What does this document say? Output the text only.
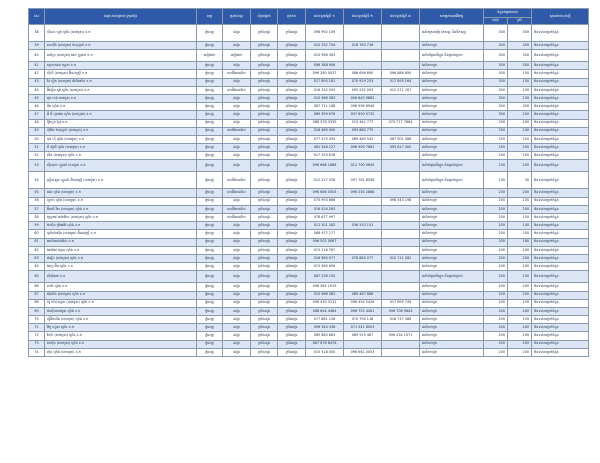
ល.រ	ឈ្មោះសហគ្រាស ក្រុមហ៊ុន	ខេត្ត	ស្រុក/ខណ្ឌ	ឃុំ/សង្កាត់	ប្រភេទ	លេខទូរស័ព្ទទី ១	លេខទូរស័ព្ទទី ២	លេខទូរស័ព្ទទី ៣	សកម្មភាពអាជីវកម្ម	ចំនួនកម្មករសរុប		ស្ថានភាពចុះបញ្ជី
										សរុប	ស្រី	
38	ហ៊ីណា ហ្វុត ឃ្លាំង (ខេមបូឌា) ខ.ក	ភ្នំពេញ	ដង្កោ	ក្រាំងពង្រ	ក្រាំងពង្រ	098 992 109			ផលិតស្រាបៀរ ភេសជ្ជៈ និងទឹកសុទ្ធ	300	300	មិនទាន់បញ្ជាក់ចំនួន
39	សានវីង (ខេមបូឌា) ម៉ានុហ្វាក់ ខ.ក	ភ្នំពេញ	ដង្កោ	ក្រាំងពង្រ	ក្រាំងពង្រ	010 292 704	016 763 716		ផលិតកាបូប	300	300	មិនទាន់បញ្ជាក់ចំនួន
40	ឆាហ្គែរ (ខេមបូឌា) ផេក ប្រូដាក់ ខ.ក	សៀមរាប	សៀមរាប	ក្រាំងពង្រ	ក្រាំងពង្រ	010 966 363			ផលិតផ្លែឈើស្ងួត និងគ្រាប់ស្វាយ	300	300	មិនទាន់បញ្ជាក់ចំនួន
41	ហ្គោលដេន ហ្វេស ខ.ក	ភ្នំពេញ	ដង្កោ	ក្រាំងពង្រ	ក្រាំងពង្រ	096 388 906			ផលិតកាបូប	300	300	មិនទាន់បញ្ជាក់ចំនួន
42	ហ៊ីលី (ខេមបូឌា) អ៊ីនដាស្ទ្រី ខ.ក	ភ្នំពេញ	ពោធិ៍សែនជ័យ	ក្រាំងពង្រ	ក្រាំងពង្រ	096 280 0037	086 696 890	096 886 890	ផលិតកាបូប	300	150	មិនទាន់បញ្ជាក់ចំនួន
43	វិន ហ្វីត (ខេមបូឌា) គ័រពិរេសិន ខ.ក	ភ្នំពេញ	ដង្កោ	ក្រាំងពង្រ	ក្រាំងពង្រ	017 895 181	070 929 253	017 895 164	ផលិតកាបូប	300	150	មិនទាន់បញ្ជាក់ចំនួន
44	អ៊ីស្ទើន ស្ព័រ ឃ្លាំង (ខេមបូឌា) ខ.ក	ភ្នំពេញ	ពោធិ៍សែនជ័យ	ក្រាំងពង្រ	ក្រាំងពង្រ	016 332 093	095 532 093	012 571 767	ផលិតកាបូប	300	150	មិនទាន់បញ្ជាក់ចំនួន
45	តុង ចាង ខេមបូឌា ខ.ក	ភ្នំពេញ	ដង្កោ	ក្រាំងពង្រ	ក្រាំងពង្រ	010 968 363	096 643 9882		ផលិតកាបូប	300	150	មិនទាន់បញ្ជាក់ចំនួន
46	ឌីម ឃ្លាំង ខ.ក	ភ្នំពេញ	ដង្កោ	ក្រាំងពង្រ	ក្រាំងពង្រ	087 711 188	096 996 6946		ផលិតកាបូប	300	300	មិនទាន់បញ្ជាក់ចំនួន
47	អឹ ជី ហ្គាម៉េន ឃ្លាំង (ខេមបូឌា) ខ.ក	ភ្នំពេញ	ដង្កោ	ក្រាំងពង្រ	ក្រាំងពង្រ	089 359 676	097 600 9732		ផលិតកាបូប	300	200	មិនទាន់បញ្ជាក់ចំនួន
48	ប៊ូហ្គែន ខ្មែរ ខ.ក	ភ្នំពេញ	ដង្កោ	ក្រាំងពង្រ	ក្រាំងពង្រ	088 378 3335	015 342 777	070 777 7884	ផលិតកាបូប	250	200	មិនទាន់បញ្ជាក់ចំនួន
49	ហ៊ីអ៊ីម ម៉ានុហ្វាក់ (ខេមបូឌា) ខ.ក	ភ្នំពេញ	ពោធិ៍សែនជ័យ	ក្រាំងពង្រ	ក្រាំងពង្រ	016 480 400	093 880 775		ផលិតកាបូប	250	240	មិនទាន់បញ្ជាក់ចំនួន
50	ចុង ហ៊ី ឃ្លាំង (ខេមបូឌា) ខ.ក	ភ្នំពេញ	ដង្កោ	ក្រាំងពង្រ	ក្រាំងពង្រ	077 470 492	089 464 542	087 501 386	ផលិតកាបូប	250	150	មិនទាន់បញ្ជាក់ចំនួន
51	ជី ស៊ូភើ ឃ្លាំង (ខេមបូឌា) ខ.ក	ភ្នំពេញ	ដង្កោ	ក្រាំងពង្រ	ក្រាំងពង្រ	081 348 227	096 909 7681	093 617 400	ផលិតកាបូប	250	250	មិនទាន់បញ្ជាក់ចំនួន
52	ស៊ីត (ខេមបូឌា) ឃ្លាំង ខ.ក	ភ្នំពេញ	ដង្កោ	ក្រាំងពង្រ	ក្រាំងពង្រ	017 333 618			ផលិតកាបូប	240	200	មិនទាន់បញ្ជាក់ចំនួន
53	ស៊ីឈុយ ហ្វូដស៍ ខេមបូឌា ខ.ក	ភ្នំពេញ	ដង្កោ	ក្រាំងពង្រ	ក្រាំងពង្រ	096 666 1666	012 700 0645		ផលិតផ្លែឈើស្ងួត និងគ្រាប់ស្វាយ	230	200	មិនទាន់បញ្ជាក់ចំនួន
54	ហ្គ្រីនឡេន ហ្វូដស៍ អ៊ិនដាស្ទ្រី (ខេមបូឌា) ខ.ក	ភ្នំពេញ	ពោធិ៍សែនជ័យ	ក្រាំងពង្រ	ក្រាំងពង្រ	012 227 328	097 781 8058		ផលិតផ្លែឈើស្ងួត និងគ្រាប់ស្វាយ	230	30	មិនទាន់បញ្ជាក់ចំនួន
55	ឆេង ឃ្លាំង (ខេមបូឌា) ខ.ក	ភ្នំពេញ	ពោធិ៍សែនជ័យ	ក្រាំងពង្រ	ក្រាំងពង្រ	096 686 0003	096 230 2888		ផលិតកាបូប	230	200	មិនទាន់បញ្ជាក់ចំនួន
56	ហ្គូយ៉ា ឃ្លាំង (ខេមបូឌា) ខ.ក	ភ្នំពេញ	ដង្កោ	ក្រាំងពង្រ	ក្រាំងពង្រ	070 993 666		098 543 198	ផលិតកាបូប	200	100	មិនទាន់បញ្ជាក់ចំនួន
57	អ៊ីនធើ វីស (ខេមបូឌា) ឃ្លាំង ខ.ក	ភ្នំពេញ	ពោធិ៍សែនជ័យ	ក្រាំងពង្រ	ក្រាំងពង្រ	016 524 263			ផលិតកាបូប	200	200	មិនទាន់បញ្ជាក់ចំនួន
58	ហ្គ្រេតវេ អាប៉ារ៉ែល (ខេមបូឌា) ឃ្លាំង ខ.ក	ភ្នំពេញ	ពោធិ៍សែនជ័យ	ក្រាំងពង្រ	ក្រាំងពង្រ	078 677 997			ផលិតកាបូប	200	150	មិនទាន់បញ្ជាក់ចំនួន
59	ម៉ាស៊ីន គ្រីអេធីវ ឃ្លាំង ខ.ក	ភ្នំពេញ	ដង្កោ	ក្រាំងពង្រ	ក្រាំងពង្រ	011 301 282	036 553 151		ផលិតកាបូប	200	140	មិនទាន់បញ្ជាក់ចំនួន
60	ឃ្លាំងម៉ាស៊ីន (ខេមបូឌា) អ៊ីនដាស្ទ្រី ខ.ក	ភ្នំពេញ	ដង្កោ	ក្រាំងពង្រ	ក្រាំងពង្រ	088 972 277			ផលិតកាបូប	200	200	មិនទាន់បញ្ជាក់ចំនួន
61	អេលីតអាប៉ារ៉ែល ខ.ក	ភ្នំពេញ	ដង្កោ	ក្រាំងពង្រ	ក្រាំងពង្រ	096 502 0067			ផលិតកាបូប	200	180	មិនទាន់បញ្ជាក់ចំនួន
62	អេស៊ីអេ ហ្វេស ឃ្លាំង ខ.ក	ភ្នំពេញ	ដង្កោ	ក្រាំងពង្រ	ក្រាំងពង្រ	015 216 767			ផលិតកាបូប	200	200	មិនទាន់បញ្ជាក់ចំនួន
63	វេនវ៉ូដ (ខេមបូឌា) ឃ្លាំង ខ.ក	ភ្នំពេញ	ដង្កោ	ក្រាំងពង្រ	ក្រាំងពង្រ	016 985 977	078 885 977	010 711 282	ផលិតកាបូប	200	200	មិនទាន់បញ្ជាក់ចំនួន
64	អេហ្វ អ៊ឹម ឃ្លាំង ខ.ក	ភ្នំពេញ	ដង្កោ	ក្រាំងពង្រ	ក្រាំងពង្រ	015 560 606			ផលិតកាបូប	200	200	មិនទាន់បញ្ជាក់ចំនួន
65	ស៊ីស៊ីអេម ខ.ក	ភ្នំពេញ	ដង្កោ	ក្រាំងពង្រ	ក្រាំងពង្រ	087 236 105			ផលិតផ្លែឈើស្ងួត និងគ្រាប់ស្វាយ	200	150	មិនទាន់បញ្ជាក់ចំនួន
66	សាវ៉ា ឃ្លាំង ខ.ក	ភ្នំពេញ	ដង្កោ	ក្រាំងពង្រ	ក្រាំងពង្រ	096 365 1919			ផលិតកាបូប	200	200	មិនទាន់បញ្ជាក់ចំនួន
67	ស៊ីនវ៉ាន់ (ខេមបូឌា) ឃ្លាំង ខ.ក	ភ្នំពេញ	ដង្កោ	ក្រាំងពង្រ	ក្រាំងពង្រ	010 968 363	089 467 886		ផលិតកាបូប	200	200	មិនទាន់បញ្ជាក់ចំនួន
68	យូ យ៉ាវ ហ្វេស (ខេមបូឌា) ឃ្លាំង ខ.ក	ភ្នំពេញ	ដង្កោ	ក្រាំងពង្រ	ក្រាំងពង្រ	096 430 3131	096 454 2426	017 695 749	ផលិតកាបូប	200	150	មិនទាន់បញ្ជាក់ចំនួន
69	ម៉ាស៊ីនខេមបូឌា ឃ្លាំង ខ.ក	ភ្នំពេញ	ដង្កោ	ក្រាំងពង្រ	ក្រាំងពង្រ	088 644 4464	096 752 4261	096 706 9843	ផលិតកាបូប	200	200	មិនទាន់បញ្ជាក់ចំនួន
70	ហ្វីអ៊ីតលីង (ខេមបូឌា) ឃ្លាំង ខ.ក	ភ្នំពេញ	ដង្កោ	ក្រាំងពង្រ	ក្រាំងពង្រ	077 881 128	070 794 118	016 737 388	ផលិតកាបូប	200	150	មិនទាន់បញ្ជាក់ចំនួន
71	វ៉ៃកូ ហ្វេស ឃ្លាំង ខ.ក	ភ្នំពេញ	ដង្កោ	ក្រាំងពង្រ	ក្រាំងពង្រ	096 344 436	071 541 8003		ផលិតកាបូប	200	200	មិនទាន់បញ្ជាក់ចំនួន
72	វ៉ាយ៉ា (ខេមបូឌា) ឃ្លាំង ខ.ក	ភ្នំពេញ	ដង្កោ	ក្រាំងពង្រ	ក្រាំងពង្រ	089 883 863	089 915 487	096 434 1571	ផលិតកាបូប	200	200	មិនទាន់បញ្ជាក់ចំនួន
73	ចេស៊ីន (ខេមបូឌា) ឃ្លាំង ខ.ក	ភ្នំពេញ	ដង្កោ	ក្រាំងពង្រ	ក្រាំងពង្រ	087 676 8476			ផលិតកាបូប	200	200	មិនទាន់បញ្ជាក់ចំនួន
74	ស៊ុន ឃ្លាំង (ខេមបូឌា) ខ.ក	ភ្នំពេញ	ដង្កោ	ក្រាំងពង្រ	ក្រាំងពង្រ	015 518 000	096 661 0053		ផលិតកាបូប	200	200	មិនទាន់បញ្ជាក់ចំនួន
